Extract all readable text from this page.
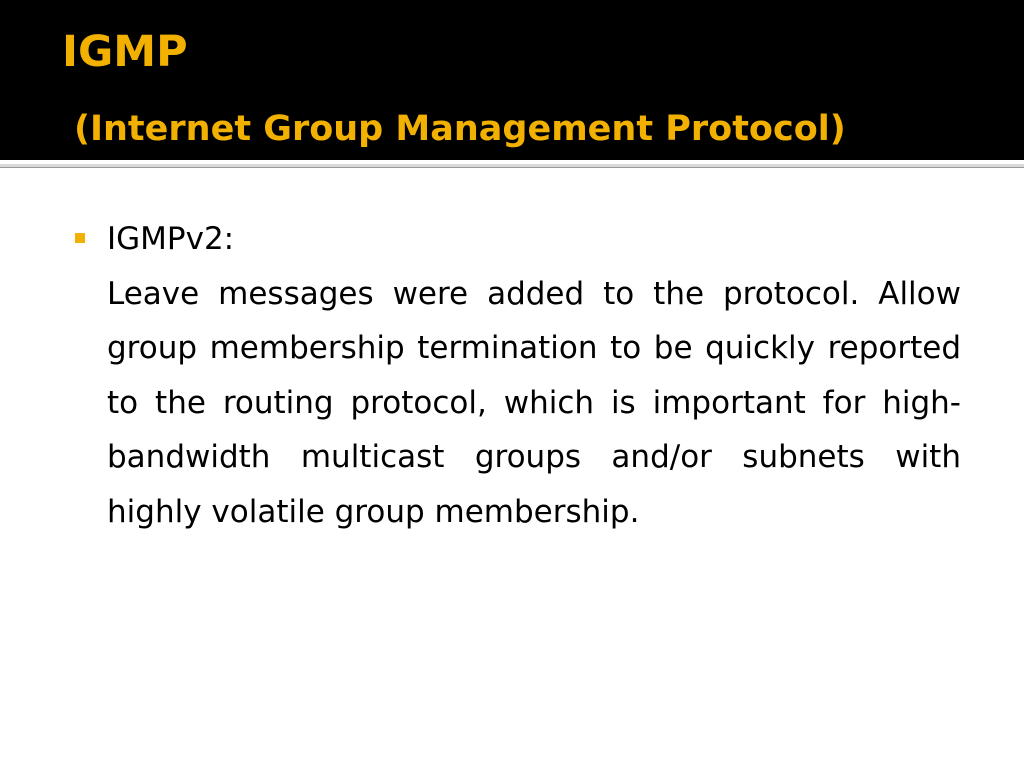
IGMP
(Internet Group Management Protocol)
IGMPv2:
Leave messages were added to the protocol. Allow group membership termination to be quickly reported to the routing protocol, which is important for high-bandwidth multicast groups and/or subnets with highly volatile group membership.
